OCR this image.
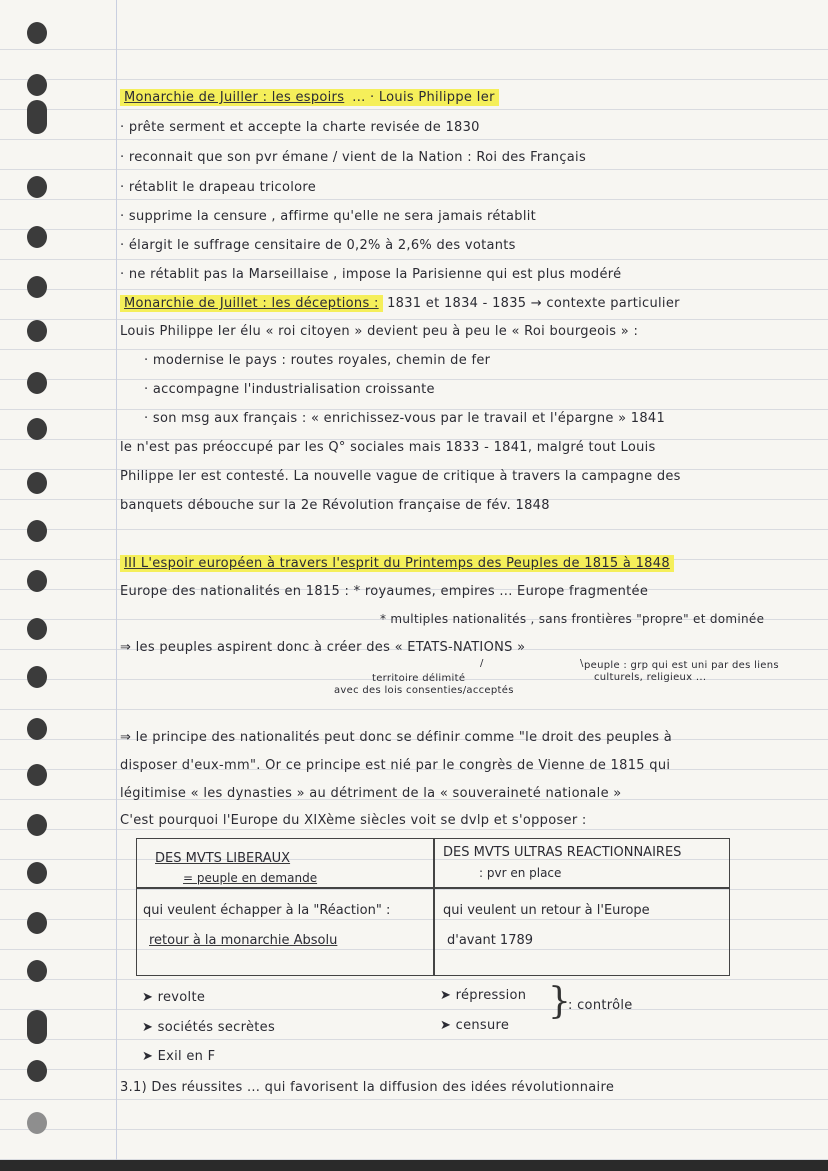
Monarchie de Juiller : les espoirs ... · Louis Philippe Ier
· prête serment et accepte la charte revisée de 1830
· reconnait que son pvr émane / vient de la Nation : Roi des Français
· rétablit le drapeau tricolore
· supprime la censure , affirme qu'elle ne sera jamais rétablit
· élargit le suffrage censitaire de 0,2% à 2,6% des votants
· ne rétablit pas la Marseillaise , impose la Parisienne qui est plus modéré
Monarchie de Juillet : les déceptions : 1831 et 1834 - 1835 → contexte particulier
Louis Philippe Ier élu « roi citoyen » devient peu à peu le « Roi bourgeois » :
· modernise le pays : routes royales, chemin de fer
· accompagne l'industrialisation croissante
· son msg aux français : « enrichissez-vous par le travail et l'épargne » 1841
le n'est pas préoccupé par les Q° sociales mais 1833 - 1841, malgré tout Louis
Philippe Ier est contesté. La nouvelle vague de critique à travers la campagne des
banquets débouche sur la 2e Révolution française de fév. 1848
III L'espoir européen à travers l'esprit du Printemps des Peuples de 1815 à 1848
Europe des nationalités en 1815 : * royaumes, empires ... Europe fragmentée
* multiples nationalités , sans frontières "propre" et dominée
⇒ les peuples aspirent donc à créer des « ETATS-NATIONS »
/	\
territoire délimité
avec des lois consenties/acceptés
peuple : grp qui est uni par des liens
culturels, religieux ...
⇒ le principe des nationalités peut donc se définir comme "le droit des peuples à
disposer d'eux-mm". Or ce principe est nié par le congrès de Vienne de 1815 qui
légitimise « les dynasties » au détriment de la « souveraineté nationale »
C'est pourquoi l'Europe du XIXème siècles voit se dvlp et s'opposer :
DES MVTS LIBERAUX
= peuple en demande
DES MVTS ULTRAS REACTIONNAIRES
: pvr en place
qui veulent échapper à la "Réaction" :
retour à la monarchie Absolu
qui veulent un retour à l'Europe
d'avant 1789
➤ revolte
➤ sociétés secrètes
➤ Exil en F
➤ répression
➤ censure
}
: contrôle
3.1) Des réussites ... qui favorisent la diffusion des idées révolutionnaire
